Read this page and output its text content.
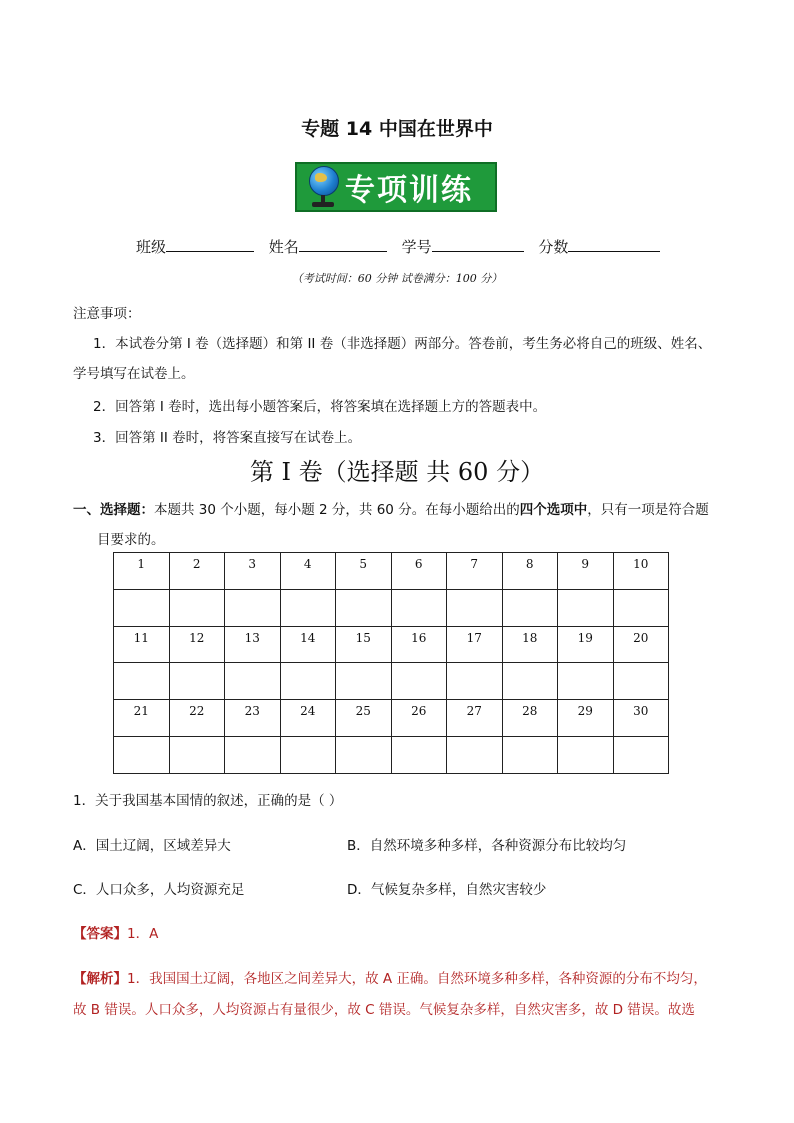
专题 14 中国在世界中
专项训练
班级	姓名	学号	分数
（考试时间：60 分钟 试卷满分：100 分）
注意事项：
1．本试卷分第 I 卷（选择题）和第 II 卷（非选择题）两部分。答卷前，考生务必将自己的班级、姓名、
学号填写在试卷上。
2．回答第 I 卷时，选出每小题答案后，将答案填在选择题上方的答题表中。
3．回答第 II 卷时，将答案直接写在试卷上。
第 I 卷（选择题 共 60 分）
一、选择题：本题共 30 个小题，每小题 2 分，共 60 分。在每小题给出的四个选项中，只有一项是符合题
目要求的。
1	2	3	4	5	6	7	8	9	10

11	12	13	14	15	16	17	18	19	20

21	22	23	24	25	26	27	28	29	30

1．关于我国基本国情的叙述，正确的是（ ）
A．国土辽阔，区域差异大	B．自然环境多种多样，各种资源分布比较均匀
C．人口众多，人均资源充足	D．气候复杂多样，自然灾害较少
【答案】1．A
【解析】1．我国国土辽阔，各地区之间差异大，故 A 正确。自然环境多种多样，各种资源的分布不均匀，
故 B 错误。人口众多，人均资源占有量很少，故 C 错误。气候复杂多样，自然灾害多，故 D 错误。故选
